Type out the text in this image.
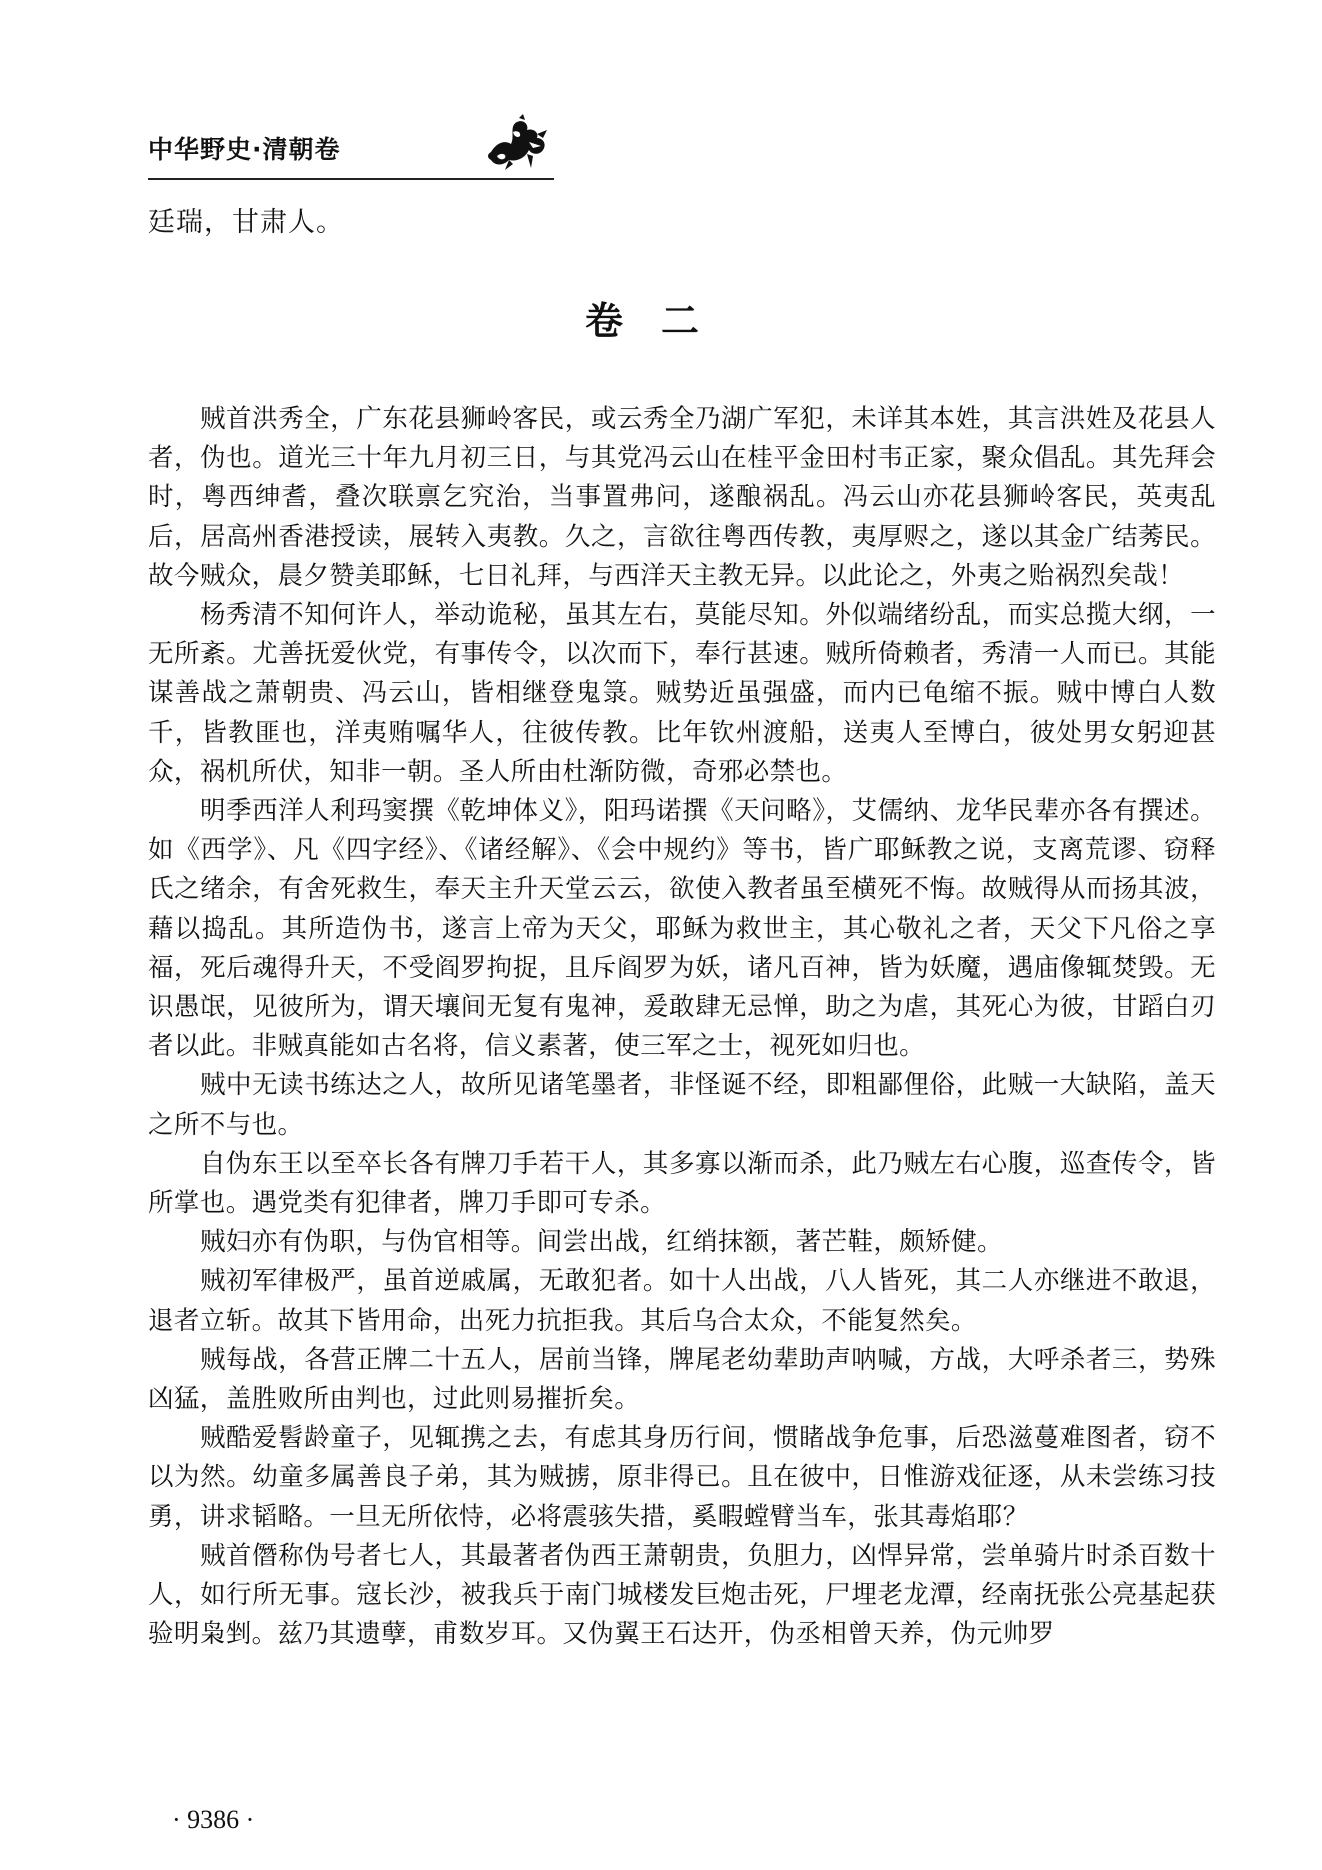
中华野史·清朝卷

廷瑞，甘肃人。

卷二

贼首洪秀全，广东花县狮岭客民，或云秀全乃湖广军犯，未详其本姓，其言洪姓及花县人者，伪也。道光三十年九月初三日，与其党冯云山在桂平金田村韦正家，聚众倡乱。其先拜会时，粤西绅耆，叠次联禀乞究治，当事置弗问，遂酿祸乱。冯云山亦花县狮岭客民，英夷乱后，居高州香港授读，展转入夷教。久之，言欲往粤西传教，夷厚赆之，遂以其金广结莠民。故今贼众，晨夕赞美耶稣，七日礼拜，与西洋天主教无异。以此论之，外夷之贻祸烈矣哉！

杨秀清不知何许人，举动诡秘，虽其左右，莫能尽知。外似端绪纷乱，而实总揽大纲，一无所紊。尤善抚爱伙党，有事传令，以次而下，奉行甚速。贼所倚赖者，秀清一人而已。其能谋善战之萧朝贵、冯云山，皆相继登鬼箓。贼势近虽强盛，而内已龟缩不振。贼中博白人数千，皆教匪也，洋夷贿嘱华人，往彼传教。比年钦州渡船，送夷人至博白，彼处男女躬迎甚众，祸机所伏，知非一朝。圣人所由杜渐防微，奇邪必禁也。

明季西洋人利玛窦撰《乾坤体义》，阳玛诺撰《天问略》，艾儒纳、龙华民辈亦各有撰述。如《西学》、凡《四字经》、《诸经解》、《会中规约》等书，皆广耶稣教之说，支离荒谬、窃释氏之绪余，有舍死救生，奉天主升天堂云云，欲使入教者虽至横死不悔。故贼得从而扬其波，藉以捣乱。其所造伪书，遂言上帝为天父，耶稣为救世主，其心敬礼之者，天父下凡俗之享福，死后魂得升天，不受阎罗拘捉，且斥阎罗为妖，诸凡百神，皆为妖魔，遇庙像辄焚毁。无识愚氓，见彼所为，谓天壤间无复有鬼神，爰敢肆无忌惮，助之为虐，其死心为彼，甘蹈白刃者以此。非贼真能如古名将，信义素著，使三军之士，视死如归也。

贼中无读书练达之人，故所见诸笔墨者，非怪诞不经，即粗鄙俚俗，此贼一大缺陷，盖天之所不与也。

自伪东王以至卒长各有牌刀手若干人，其多寡以渐而杀，此乃贼左右心腹，巡查传令，皆所掌也。遇党类有犯律者，牌刀手即可专杀。

贼妇亦有伪职，与伪官相等。间尝出战，红绡抹额，著芒鞋，颇矫健。

贼初军律极严，虽首逆戚属，无敢犯者。如十人出战，八人皆死，其二人亦继进不敢退，退者立斩。故其下皆用命，出死力抗拒我。其后乌合太众，不能复然矣。

贼每战，各营正牌二十五人，居前当锋，牌尾老幼辈助声呐喊，方战，大呼杀者三，势殊凶猛，盖胜败所由判也，过此则易摧折矣。

贼酷爱髫龄童子，见辄携之去，有虑其身历行间，惯睹战争危事，后恐滋蔓难图者，窃不以为然。幼童多属善良子弟，其为贼掳，原非得已。且在彼中，日惟游戏征逐，从未尝练习技勇，讲求韬略。一旦无所依恃，必将震骇失措，奚暇螳臂当车，张其毒焰耶？

贼首僭称伪号者七人，其最著者伪西王萧朝贵，负胆力，凶悍异常，尝单骑片时杀百数十人，如行所无事。寇长沙，被我兵于南门城楼发巨炮击死，尸埋老龙潭，经南抚张公亮基起获验明枭剉。兹乃其遗孽，甫数岁耳。又伪翼王石达开，伪丞相曾天养，伪元帅罗

· 9386 ·
